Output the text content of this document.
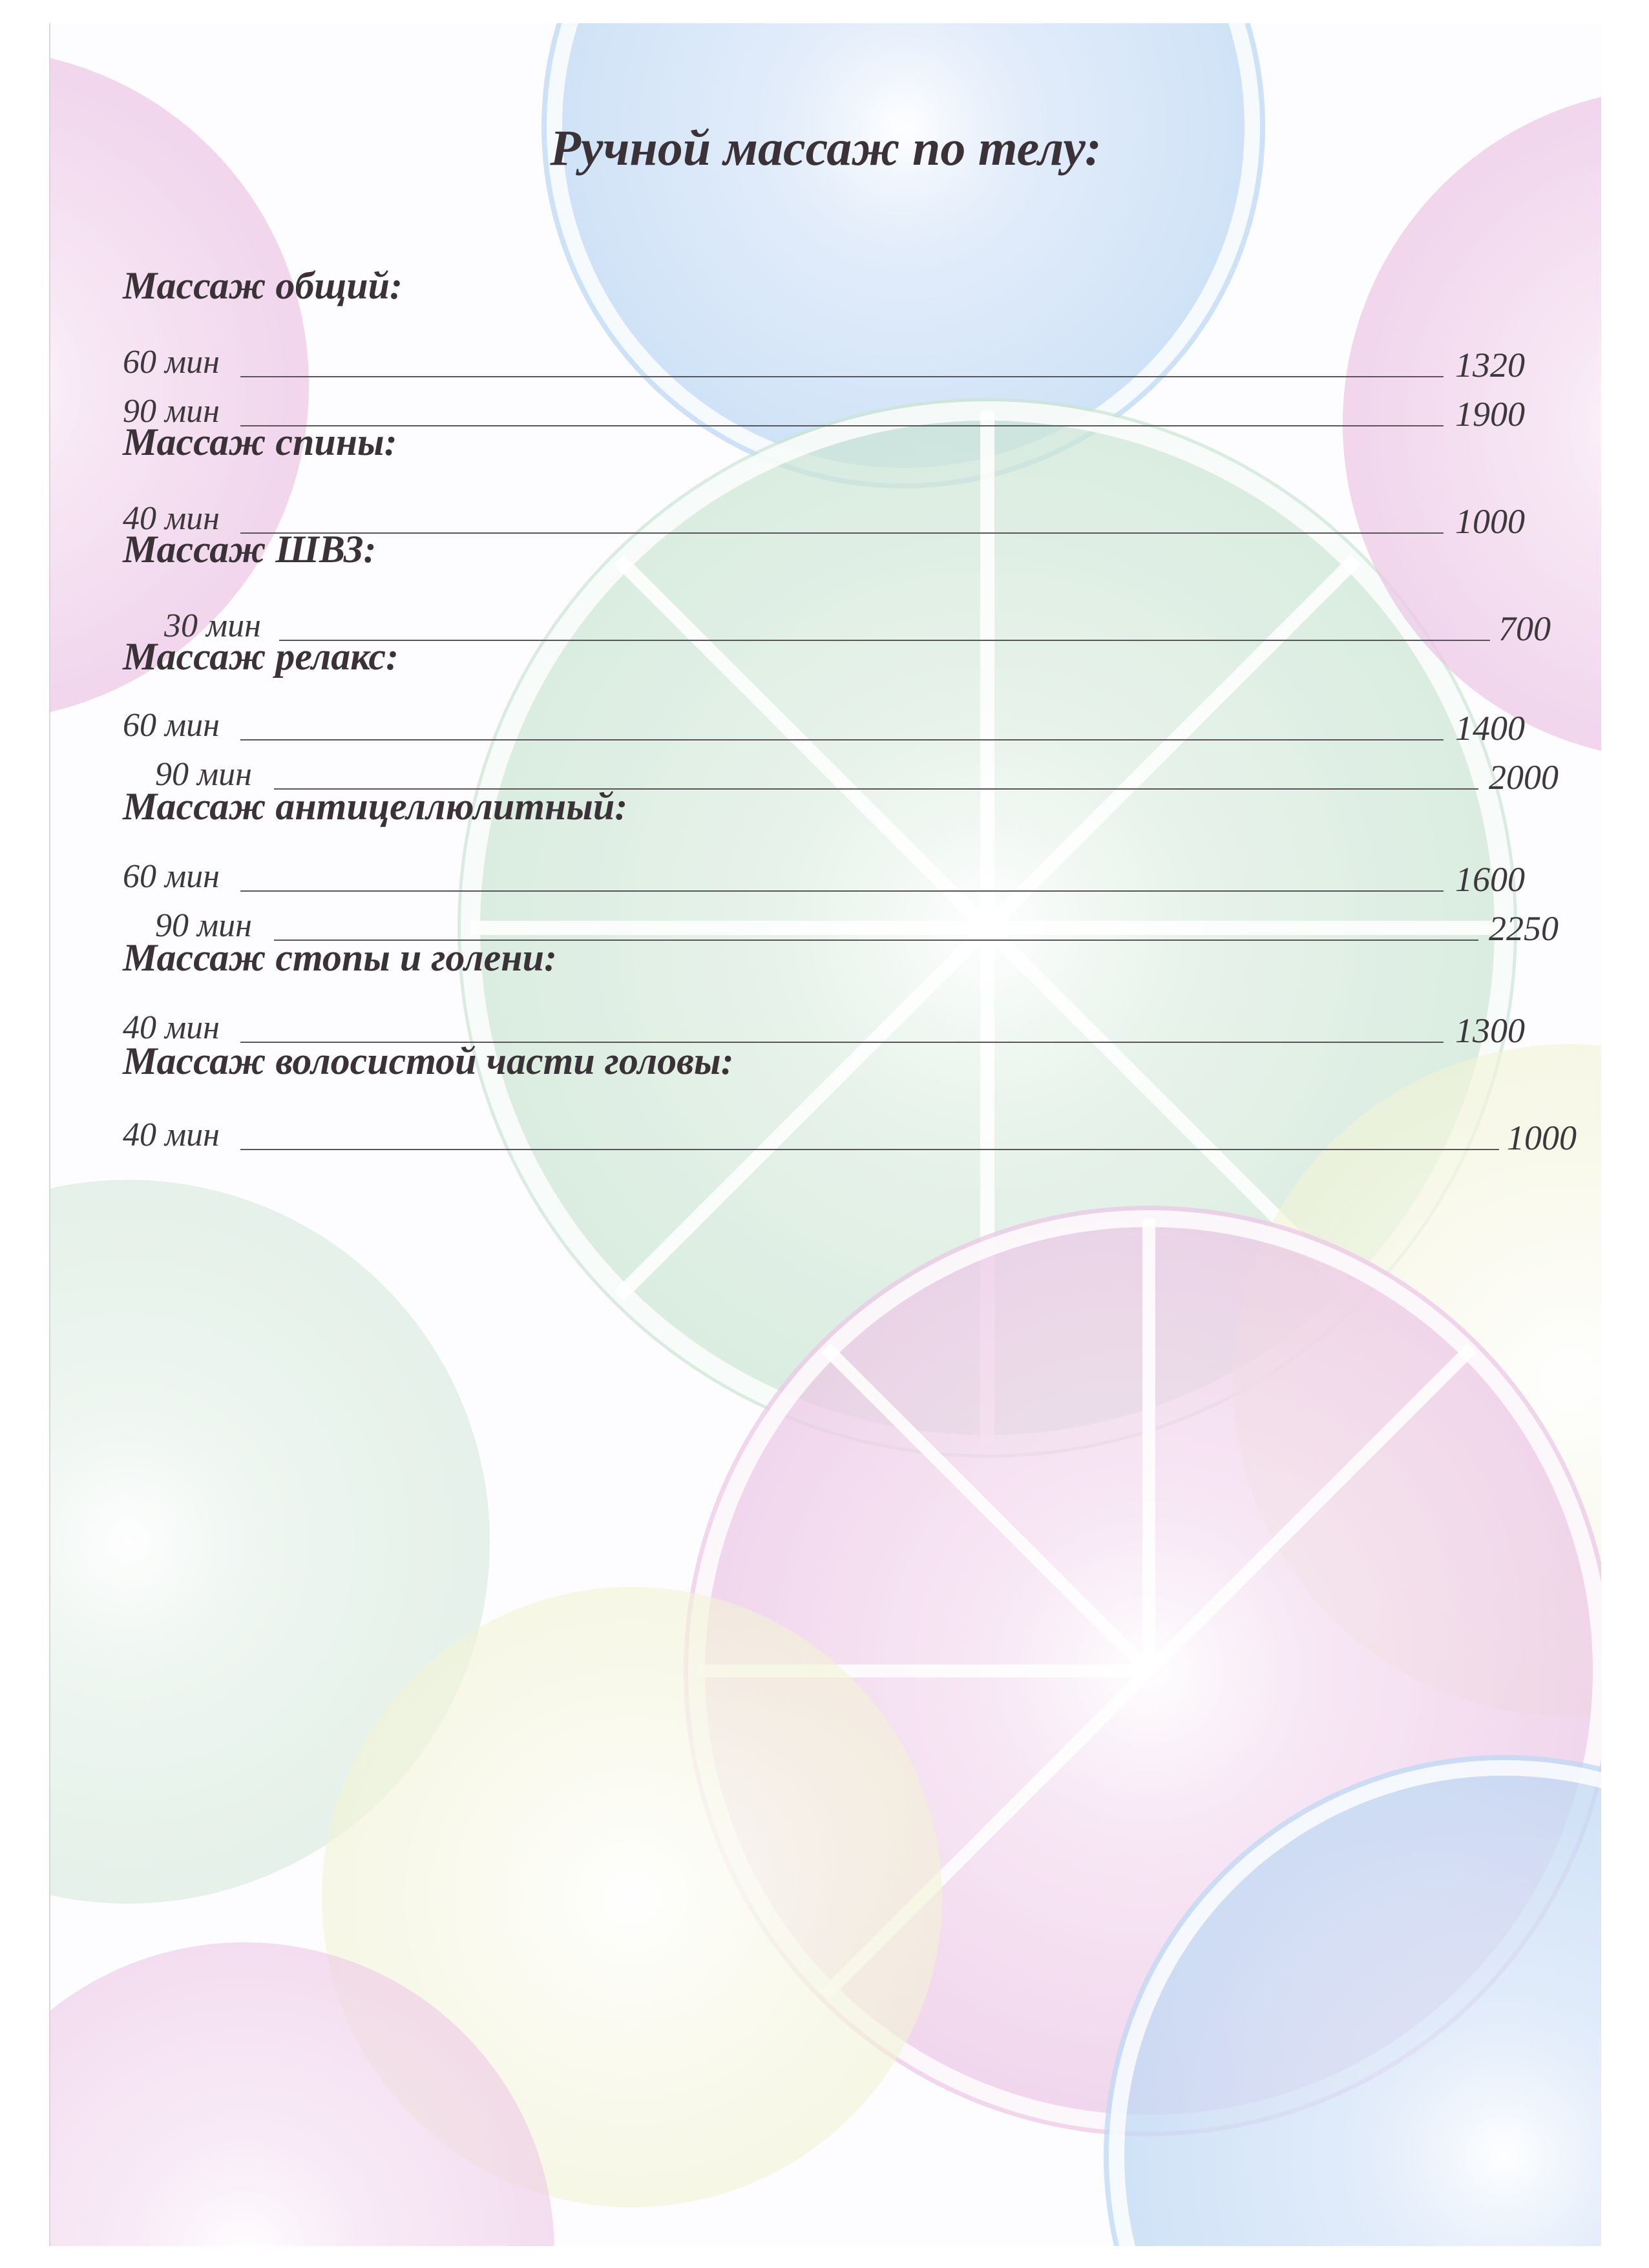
Ручной массаж по телу:
Массаж общий:
60 мин	1320
90 мин	1900
Массаж спины:
40 мин	1000
Массаж ШВЗ:
30 мин	700
Массаж релакс:
60 мин	1400
90 мин	2000
Массаж антицеллюлитный:
60 мин	1600
90 мин	2250
Массаж стопы и голени:
40 мин	1300
Массаж волосистой части головы:
40 мин	1000
